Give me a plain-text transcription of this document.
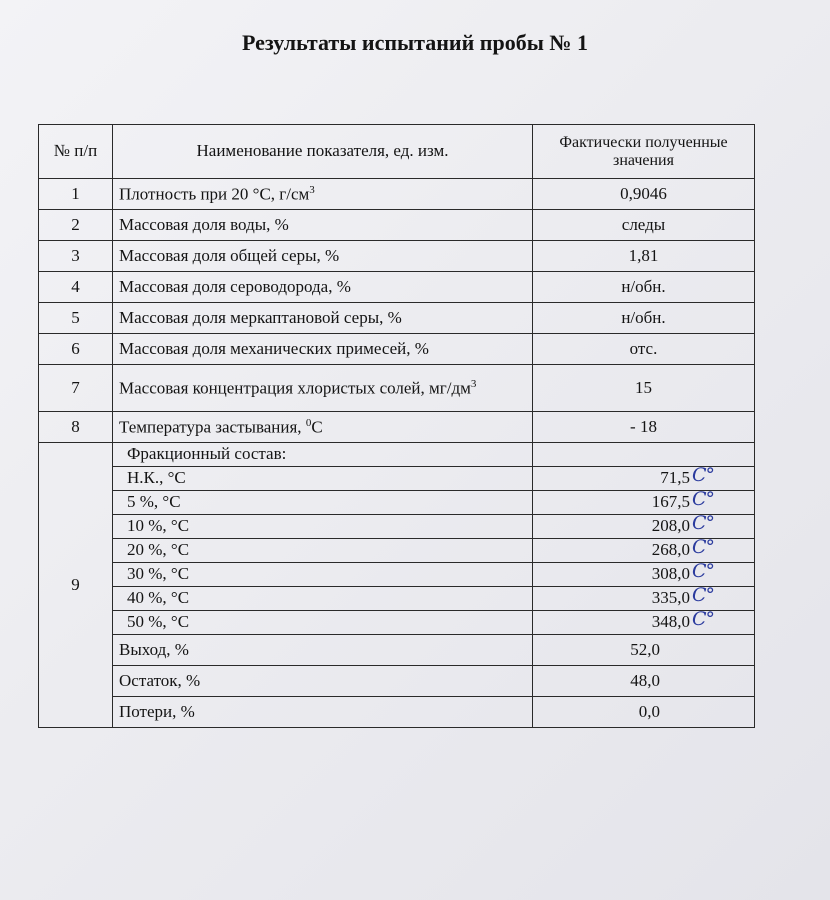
Результаты испытаний пробы № 1
№ п/п	Наименование показателя, ед. изм.	Фактически полученные значения
1	Плотность при 20 °С, $г/см^3$	0,9046
2	Массовая доля воды, %	следы
3	Массовая доля общей серы, %	1,81
4	Массовая доля сероводорода, %	н/обн.
5	Массовая доля меркаптановой серы, %	н/обн.
6	Массовая доля механических примесей, %	отс.
7	Массовая концентрация хлористых солей, $мг/дм^3$	15
8	Температура застывания, $^0$С	- 18
9	Фракционный состав:	
	Н.К., °С	71,5 C°

	5 %, °С	167,5 C°

	10 %, °С	208,0 C°

	20 %, °С	268,0 C°

	30 %, °С	308,0 C°

	40 %, °С	335,0 C°

	50 %, °С	348,0 C°

	Выход, %	52,0
	Остаток, %	48,0
	Потери, %	0,0
